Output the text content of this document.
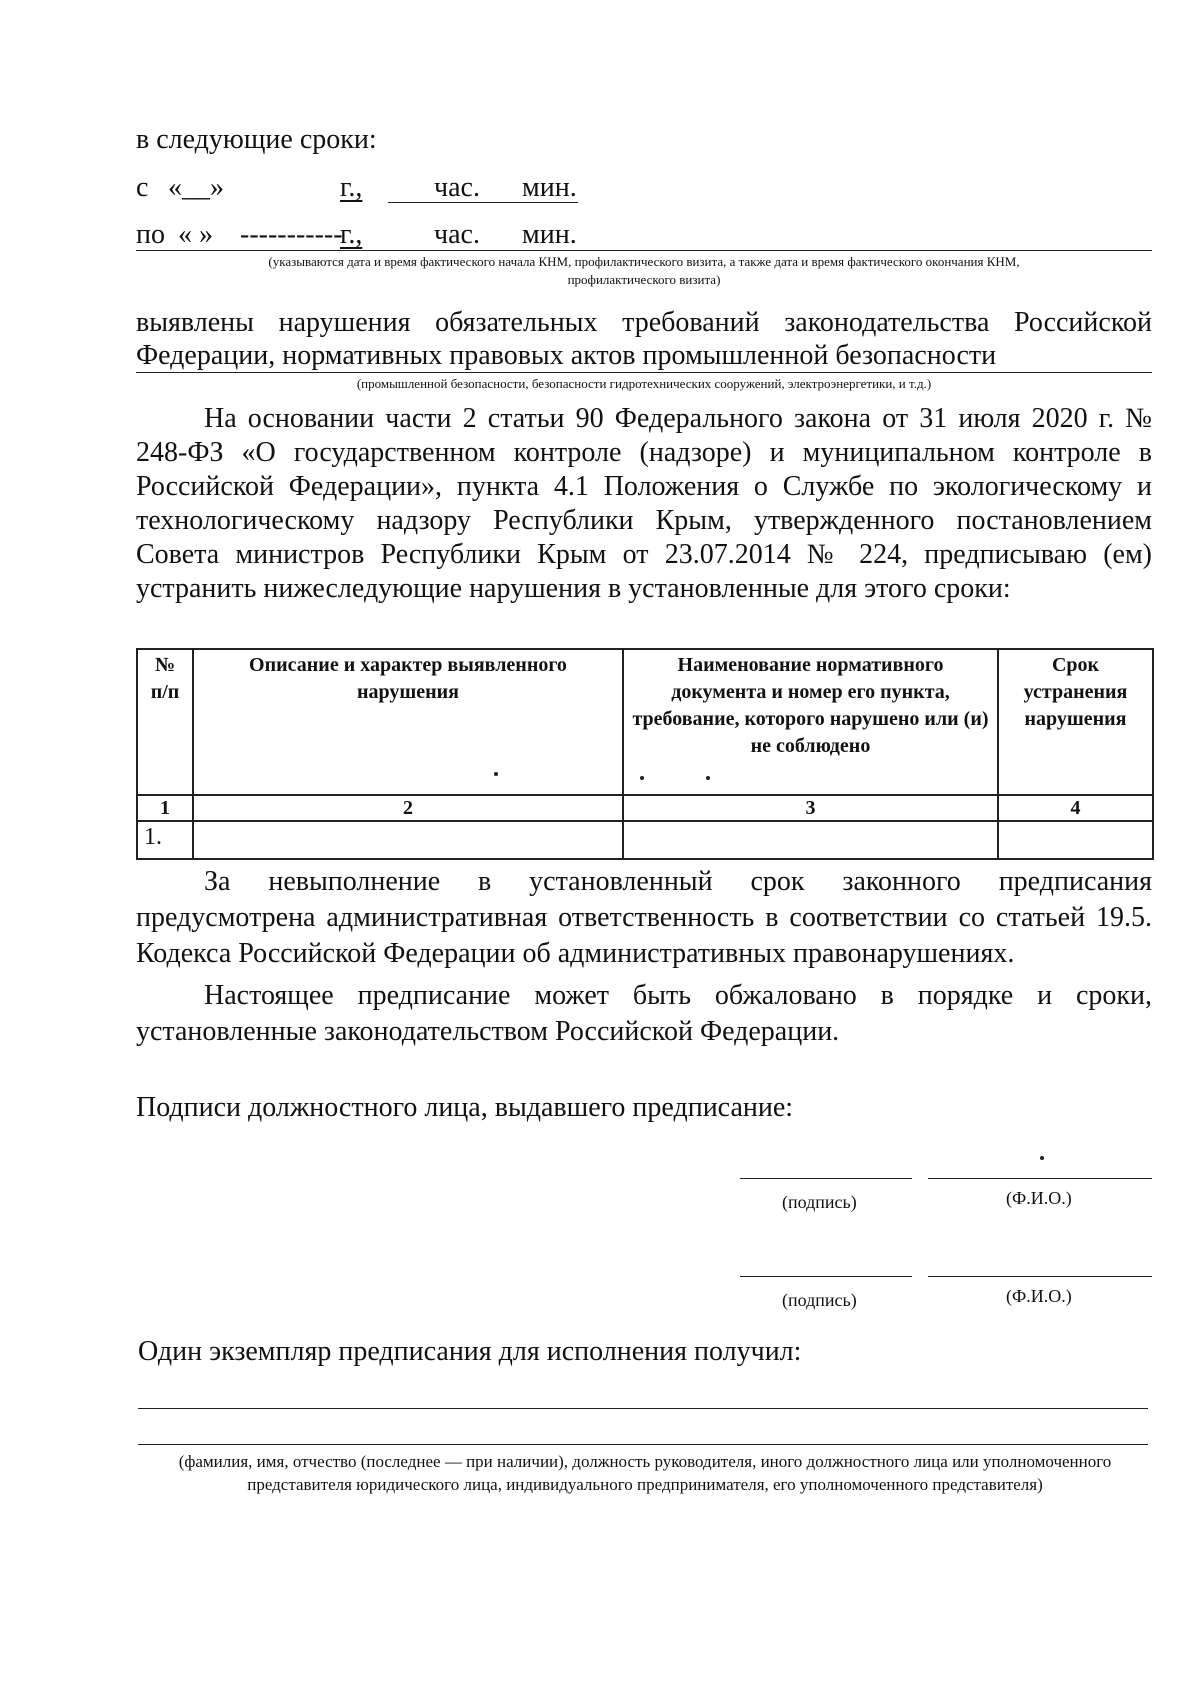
в следующие сроки:
с «__»	г.,	час. мин.
по « » -----------
г.,	час. мин.
(указываются дата и время фактического начала КНМ, профилактического визита, а также дата и время фактического окончания КНМ,
профилактического визита)
выявлены нарушения обязательных требований законодательства Российской
Федерации, нормативных правовых актов промышленной безопасности
(промышленной безопасности, безопасности гидротехнических сооружений, электроэнергетики, и т.д.)
На основании части 2 статьи 90 Федерального закона от 31 июля 2020 г. № 248-ФЗ «О государственном контроле (надзоре) и муниципальном контроле в Российской Федерации», пункта 4.1 Положения о Службе по экологическому и технологическому надзору Республики Крым, утвержденного постановлением Совета министров Республики Крым от 23.07.2014 № 224, предписываю (ем) устранить нижеследующие нарушения в установленные для этого сроки:
№ п/п	Описание и характер выявленного нарушения	Наименование нормативного документа и номер его пункта, требование, которого нарушено или (и) не соблюдено	Срок устранения нарушения
1	2	3	4
1.			
За невыполнение в установленный срок законного предписания предусмотрена административная ответственность в соответствии со статьей 19.5. Кодекса Российской Федерации об административных правонарушениях.
Настоящее предписание может быть обжаловано в порядке и сроки, установленные законодательством Российской Федерации.
Подписи должностного лица, выдавшего предписание:
(подпись)	(Ф.И.О.)
(подпись)	(Ф.И.О.)
Один экземпляр предписания для исполнения получил:
(фамилия, имя, отчество (последнее — при наличии), должность руководителя, иного должностного лица или уполномоченного представителя юридического лица, индивидуального предпринимателя, его уполномоченного представителя)
